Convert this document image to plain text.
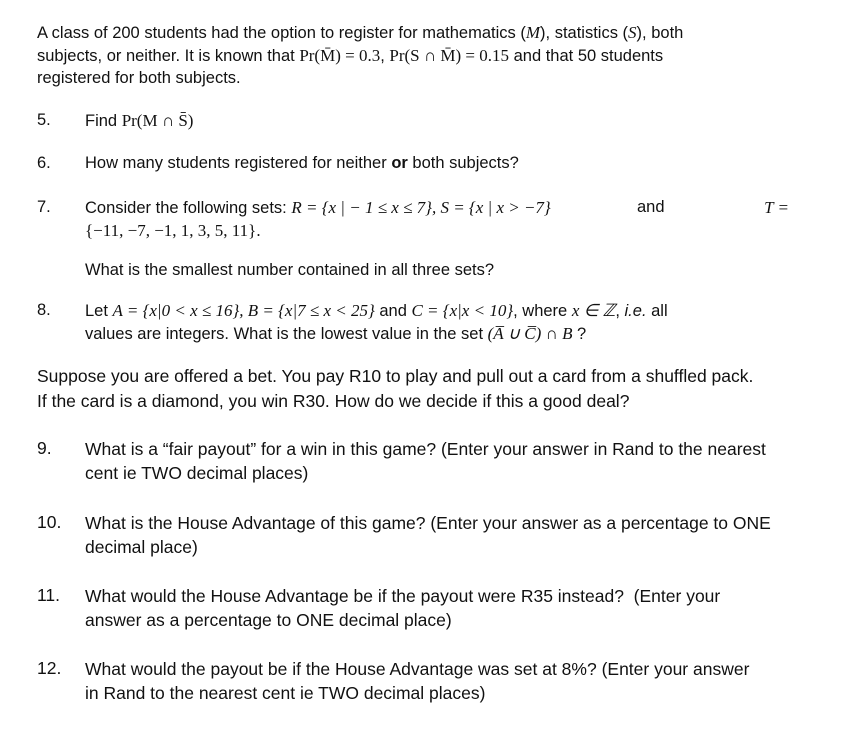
A class of 200 students had the option to register for mathematics (M), statistics (S), both
subjects, or neither. It is known that Pr(M̄) = 0.3, Pr(S ∩ M̄) = 0.15 and that 50 students
registered for both subjects.
5. Find Pr(M ∩ S̄)
6. How many students registered for neither or both subjects?
7. Consider the following sets: R = {x | − 1 ≤ x ≤ 7}, S = {x | x > −7}	and	T =
{−11, −7, −1, 1, 3, 5, 11}.
What is the smallest number contained in all three sets?
8. Let A = {x|0 < x ≤ 16}, B = {x|7 ≤ x < 25} and C = {x|x < 10}, where x ∈ ℤ, i.e. all
values are integers. What is the lowest value in the set (A̅ ∪ C̅) ∩ B ?
Suppose you are offered a bet. You pay R10 to play and pull out a card from a shuffled pack.
If the card is a diamond, you win R30. How do we decide if this a good deal?
9. What is a “fair payout” for a win in this game? (Enter your answer in Rand to the nearest
cent ie TWO decimal places)
10. What is the House Advantage of this game? (Enter your answer as a percentage to ONE
decimal place)
11. What would the House Advantage be if the payout were R35 instead?  (Enter your
answer as a percentage to ONE decimal place)
12. What would the payout be if the House Advantage was set at 8%? (Enter your answer
in Rand to the nearest cent ie TWO decimal places)
